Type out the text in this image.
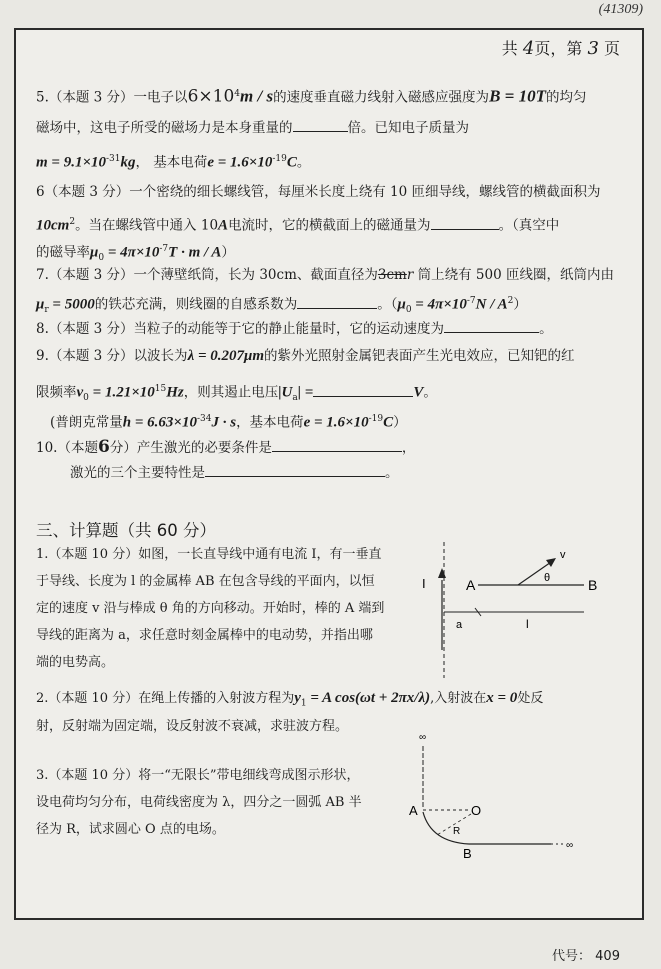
(41309)
共 4页，第 3 页
5.（本题 3 分）一电子以$6\times 10^4m / s$的速度垂直磁力线射入磁感应强度为B = 10T的均匀
磁场中，这电子所受的磁场力是本身重量的	倍。已知电子质量为
$m = 9.1\times 10^{-31}kg$， 基本电荷$e = 1.6\times 10^{-19}C$。
6（本题 3 分）一个密绕的细长螺线管，每厘米长度上绕有 10 匝细导线，螺线管的横截面积为
$10cm^2$。当在螺线管中通入 10A电流时，它的横截面上的磁通量为	。（真空中
的磁导率$\mu_0 = 4\pi\times 10^{-7}T \cdot m / A$）
7.（本题 3 分）一个薄壁纸筒，长为 30cm、截面直径为3cmr 筒上绕有 500 匝线圈，纸筒内由
$\mu_r = 5000$的铁芯充满，则线圈的自感系数为	。$(\mu_0 = 4\pi\times 10^{-7}N / A^2)$
8.（本题 3 分）当粒子的动能等于它的静止能量时，它的运动速度为	。
9.（本题 3 分）以波长为λ = 0.207μm的紫外光照射金属钯表面产生光电效应，已知钯的红
限频率$\nu_0 = 1.21\times 10^{15}Hz$，则其遏止电压$|U_a|$ =	V。
(普朗克常量$h = 6.63\times 10^{-34}J \cdot s$，基本电荷$e = 1.6\times 10^{-19}C$）
10.（本题6分）产生激光的必要条件是	，
激光的三个主要特性是	。
三、计算题（共 60 分）
1.（本题 10 分）如图，一长直导线中通有电流 I，有一垂直
于导线、长度为 l 的金属棒 AB 在包含导线的平面内，以恒
定的速度 v 沿与棒成 θ 角的方向移动。开始时，棒的 A 端到
导线的距离为 a，求任意时刻金属棒中的电动势，并指出哪
端的电势高。
I	A	B
v
θ
a	l
2.（本题 10 分）在绳上传播的入射波方程为$y_1 = A$ cos(ωt + 2πx/λ),入射波在x = 0处反
射，反射端为固定端，设反射波不衰减，求驻波方程。
3.（本题 10 分）将一“无限长”带电细线弯成图示形状，
设电荷均匀分布，电荷线密度为 λ，四分之一圆弧 AB 半
径为 R，试求圆心 O 点的电场。
∞
A	O
R
∞
B
代号： 409
